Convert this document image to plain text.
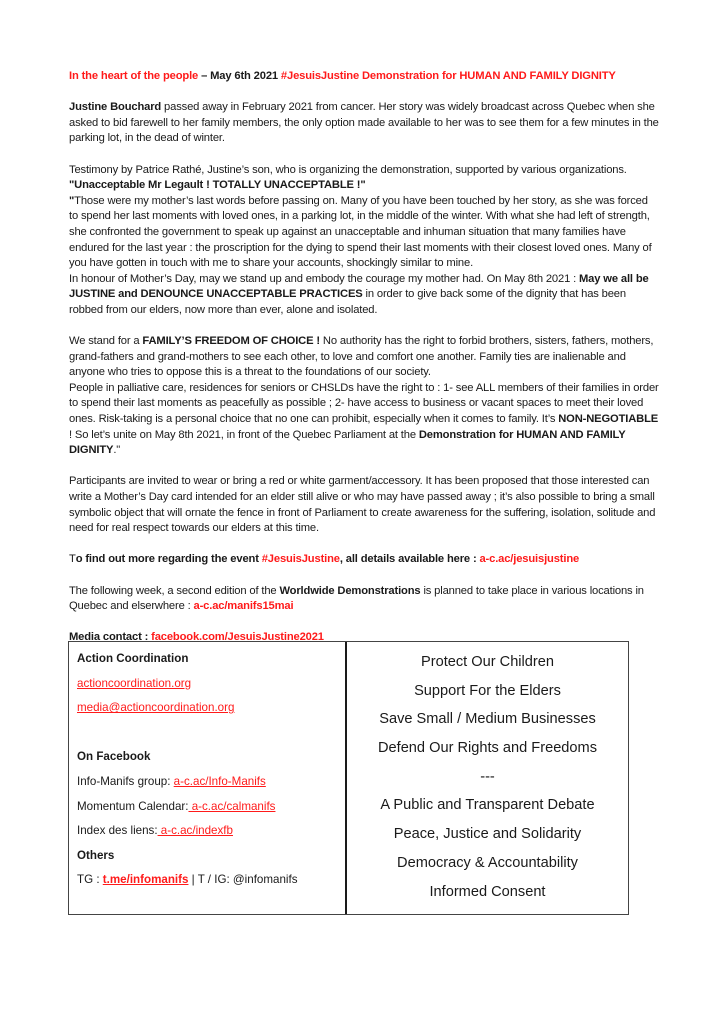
In the heart of the people – May 6th 2021 #JesuisJustine Demonstration for HUMAN AND FAMILY DIGNITY

Justine Bouchard passed away in February 2021 from cancer. Her story was widely broadcast across Quebec when she asked to bid farewell to her family members, the only option made available to her was to see them for a few minutes in the parking lot, in the dead of winter.

Testimony by Patrice Rathé, Justine’s son, who is organizing the demonstration, supported by various organizations.
"Unacceptable Mr Legault ! TOTALLY UNACCEPTABLE !"
"Those were my mother’s last words before passing on. Many of you have been touched by her story, as she was forced to spend her last moments with loved ones, in a parking lot, in the middle of the winter. With what she had left of strength, she confronted the government to speak up against an unacceptable and inhuman situation that many families have endured for the last year : the proscription for the dying to spend their last moments with their closest loved ones. Many of you have gotten in touch with me to share your accounts, shockingly similar to mine.
In honour of Mother’s Day, may we stand up and embody the courage my mother had. On May 8th 2021 : May we all be JUSTINE and DENOUNCE UNACCEPTABLE PRACTICES in order to give back some of the dignity that has been robbed from our elders, now more than ever, alone and isolated.

We stand for a FAMILY’S FREEDOM OF CHOICE ! No authority has the right to forbid brothers, sisters, fathers, mothers, grand-fathers and grand-mothers to see each other, to love and comfort one another. Family ties are inalienable and anyone who tries to oppose this is a threat to the foundations of our society.
People in palliative care, residences for seniors or CHSLDs have the right to : 1- see ALL members of their families in order to spend their last moments as peacefully as possible ; 2- have access to business or vacant spaces to meet their loved ones. Risk-taking is a personal choice that no one can prohibit, especially when it comes to family. It’s NON-NEGOTIABLE ! So let’s unite on May 8th 2021, in front of the Quebec Parliament at the Demonstration for HUMAN AND FAMILY DIGNITY."

Participants are invited to wear or bring a red or white garment/accessory. It has been proposed that those interested can write a Mother’s Day card intended for an elder still alive or who may have passed away ; it’s also possible to bring a small symbolic object that will ornate the fence in front of Parliament to create awareness for the suffering, isolation, solitude and need for real respect towards our elders at this time.

To find out more regarding the event #JesuisJustine, all details available here : a-c.ac/jesuisjustine

The following week, a second edition of the Worldwide Demonstrations is planned to take place in various locations in Quebec and elserwhere : a-c.ac/manifs15mai

Media contact : facebook.com/JesuisJustine2021

Action Coordination
actioncoordination.org
media@actioncoordination.org
On Facebook
Info-Manifs group: a-c.ac/Info-Manifs
Momentum Calendar: a-c.ac/calmanifs
Index des liens: a-c.ac/indexfb
Others
TG : t.me/infomanifs | T / IG: @infomanifs
Protect Our Children
Support For the Elders
Save Small / Medium Businesses
Defend Our Rights and Freedoms
---
A Public and Transparent Debate
Peace, Justice and Solidarity
Democracy & Accountability
Informed Consent
